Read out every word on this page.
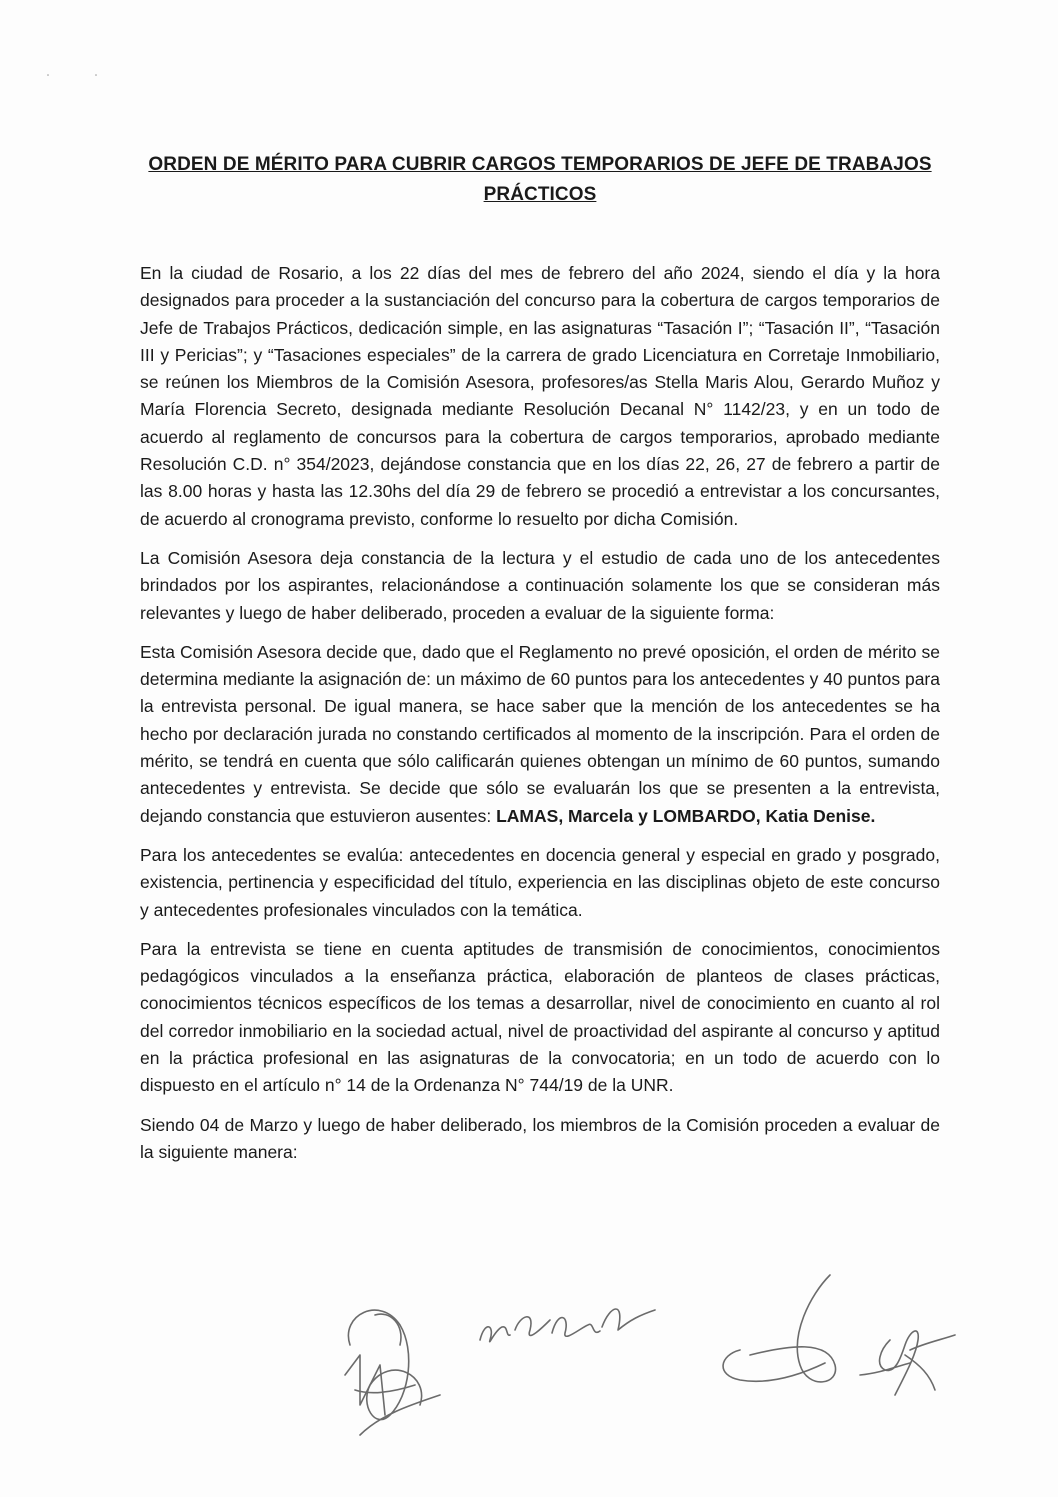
ORDEN DE MÉRITO PARA CUBRIR CARGOS TEMPORARIOS DE JEFE DE TRABAJOS
PRÁCTICOS

En la ciudad de Rosario, a los 22 días del mes de febrero del año 2024, siendo el día y la hora designados para proceder a la sustanciación del concurso para la cobertura de cargos temporarios de Jefe de Trabajos Prácticos, dedicación simple, en las asignaturas “Tasación I”; “Tasación II”, “Tasación III y Pericias”; y “Tasaciones especiales” de la carrera de grado Licenciatura en Corretaje Inmobiliario, se reúnen los Miembros de la Comisión Asesora, profesores/as Stella Maris Alou, Gerardo Muñoz y María Florencia Secreto, designada mediante Resolución Decanal N° 1142/23, y en un todo de acuerdo al reglamento de concursos para la cobertura de cargos temporarios, aprobado mediante Resolución C.D. n° 354/2023, dejándose constancia que en los días 22, 26, 27 de febrero a partir de las 8.00 horas y hasta las 12.30hs del día 29 de febrero se procedió a entrevistar a los concursantes, de acuerdo al cronograma previsto, conforme lo resuelto por dicha Comisión.

La Comisión Asesora deja constancia de la lectura y el estudio de cada uno de los antecedentes brindados por los aspirantes, relacionándose a continuación solamente los que se consideran más relevantes y luego de haber deliberado, proceden a evaluar de la siguiente forma:

Esta Comisión Asesora decide que, dado que el Reglamento no prevé oposición, el orden de mérito se determina mediante la asignación de: un máximo de 60 puntos para los antecedentes y 40 puntos para la entrevista personal. De igual manera, se hace saber que la mención de los antecedentes se ha hecho por declaración jurada no constando certificados al momento de la inscripción. Para el orden de mérito, se tendrá en cuenta que sólo calificarán quienes obtengan un mínimo de 60 puntos, sumando antecedentes y entrevista. Se decide que sólo se evaluarán los que se presenten a la entrevista, dejando constancia que estuvieron ausentes: LAMAS, Marcela y LOMBARDO, Katia Denise.

Para los antecedentes se evalúa: antecedentes en docencia general y especial en grado y posgrado, existencia, pertinencia y especificidad del título, experiencia en las disciplinas objeto de este concurso y antecedentes profesionales vinculados con la temática.

Para la entrevista se tiene en cuenta aptitudes de transmisión de conocimientos, conocimientos pedagógicos vinculados a la enseñanza práctica, elaboración de planteos de clases prácticas, conocimientos técnicos específicos de los temas a desarrollar, nivel de conocimiento en cuanto al rol del corredor inmobiliario en la sociedad actual, nivel de proactividad del aspirante al concurso y aptitud en la práctica profesional en las asignaturas de la convocatoria; en un todo de acuerdo con lo dispuesto en el artículo n° 14 de la Ordenanza N° 744/19 de la UNR.

Siendo 04 de Marzo y luego de haber deliberado, los miembros de la Comisión proceden a evaluar de la siguiente manera:
